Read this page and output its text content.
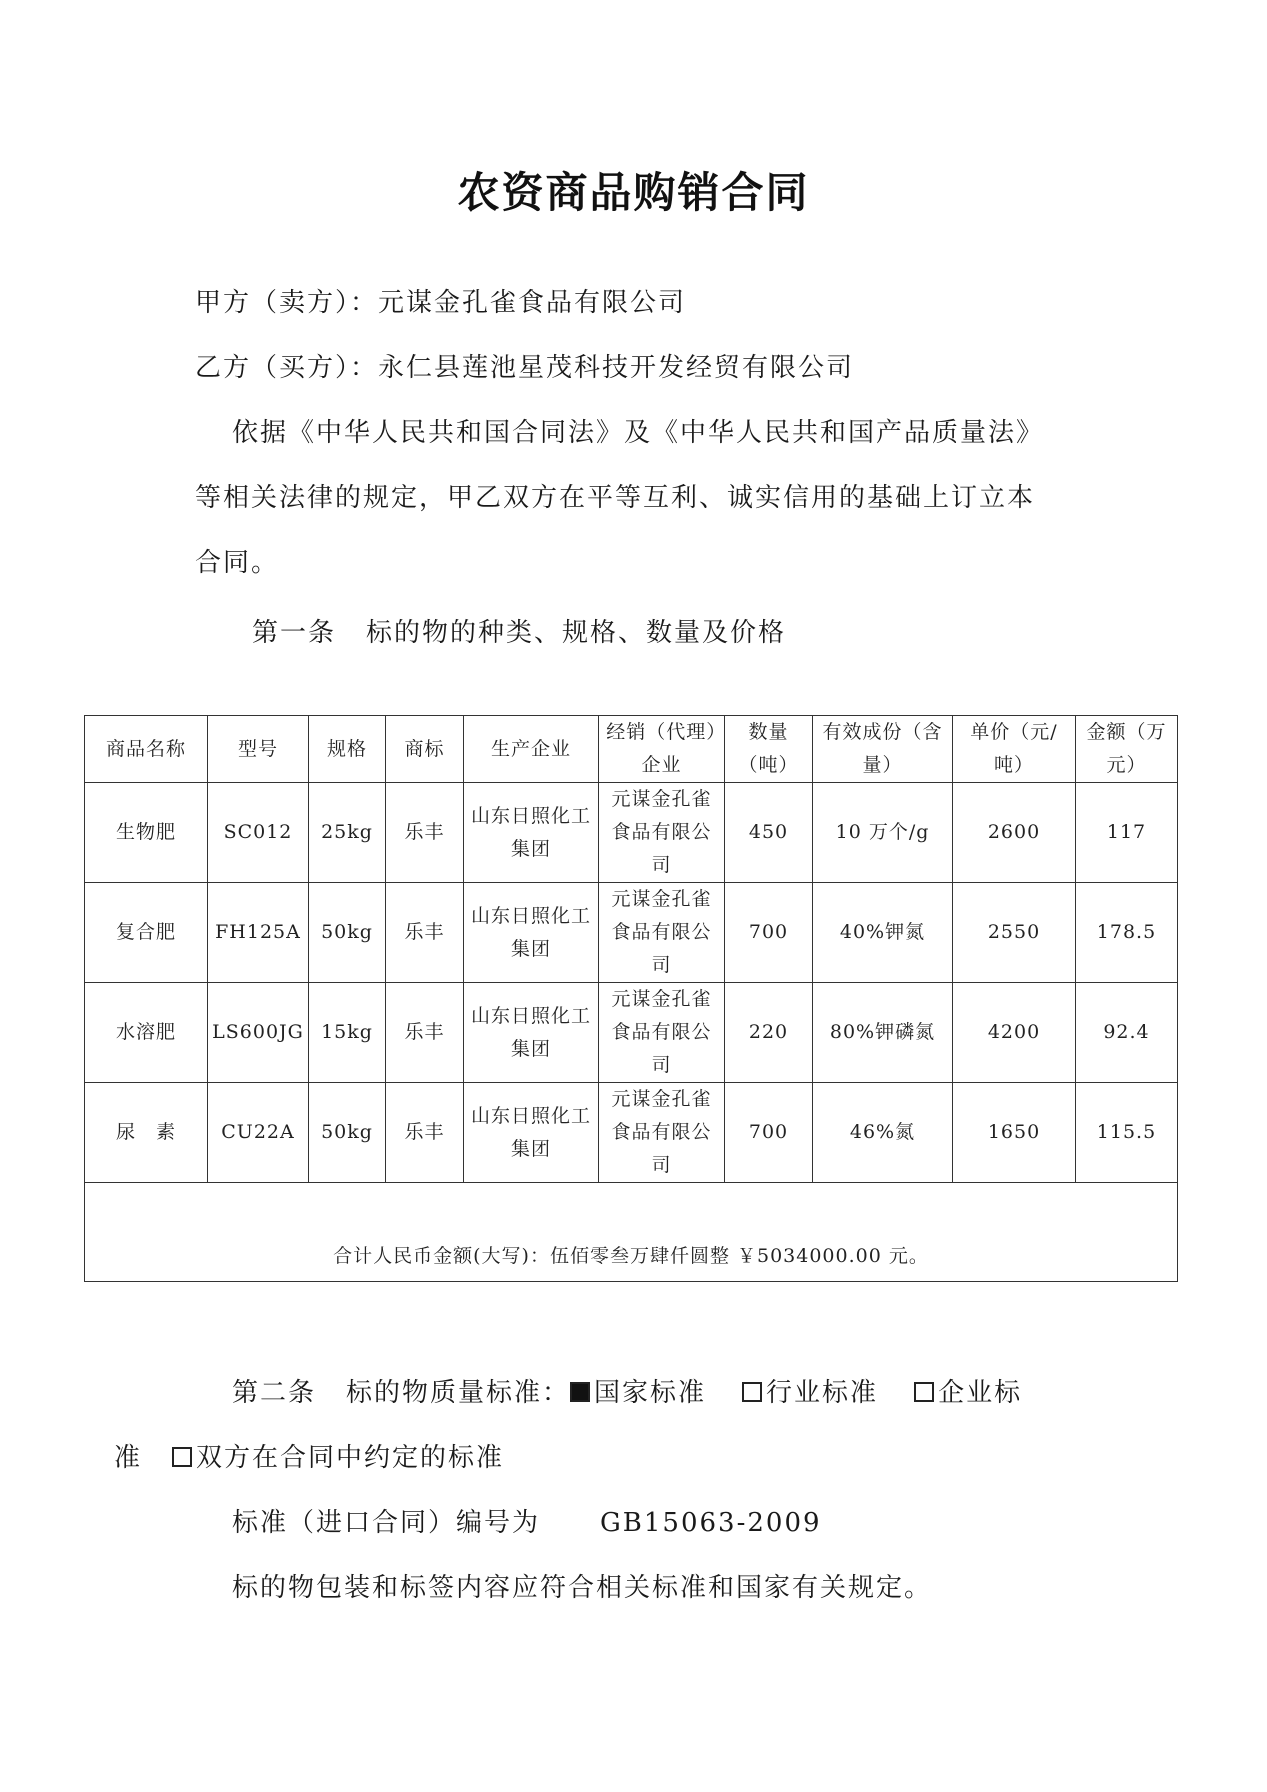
农资商品购销合同
甲方（卖方）：元谋金孔雀食品有限公司
乙方（买方）：永仁县莲池星茂科技开发经贸有限公司
依据《中华人民共和国合同法》及《中华人民共和国产品质量法》
等相关法律的规定，甲乙双方在平等互利、诚实信用的基础上订立本
合同。
第一条 标的物的种类、规格、数量及价格
商品名称	型号	规格	商标	生产企业	经销（代理）企业	数量（吨）	有效成份（含量）	单价（元/吨）	金额（万元）
生物肥	SC012	25kg	乐丰	山东日照化工集团	元谋金孔雀食品有限公司	450	10 万个/g	2600	117
复合肥	FH125A	50kg	乐丰	山东日照化工集团	元谋金孔雀食品有限公司	700	40%钾氮	2550	178.5
水溶肥	LS600JG	15kg	乐丰	山东日照化工集团	元谋金孔雀食品有限公司	220	80%钾磷氮	4200	92.4
尿　素	CU22A	50kg	乐丰	山东日照化工集团	元谋金孔雀食品有限公司	700	46%氮	1650	115.5
合计人民币金额(大写)：伍佰零叁万肆仟圆整 ￥5034000.00 元。									
第二条 标的物质量标准： 国家标准 行业标准 企业标
准 双方在合同中约定的标准
标准（进口合同）编号为 GB15063-2009
标的物包装和标签内容应符合相关标准和国家有关规定。
